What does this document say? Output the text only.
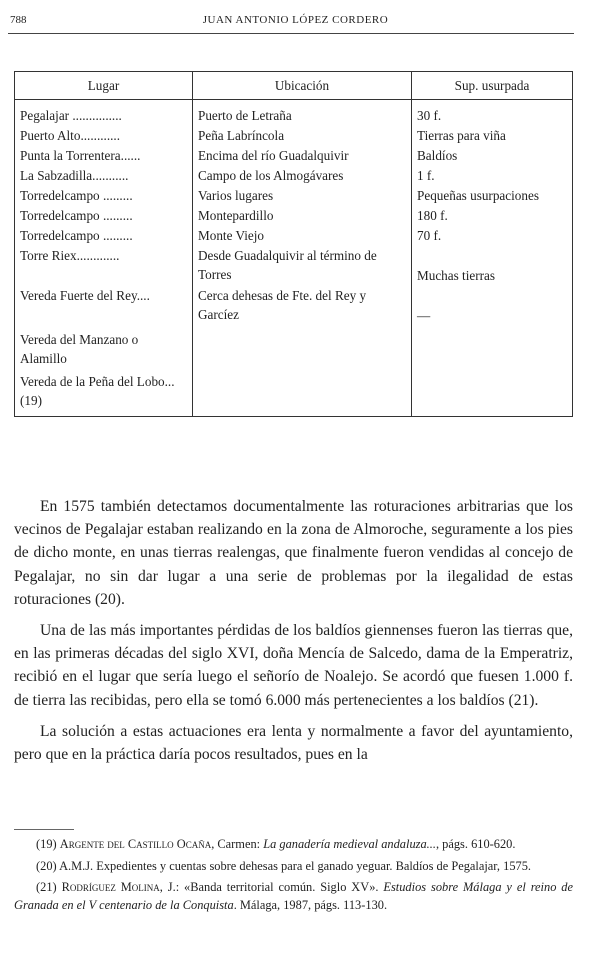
788	JUAN ANTONIO LÓPEZ CORDERO
Lugar	Ubicación	Sup. usurpada
Pegalajar ...............	Puerto de Letraña	30 f.
Puerto Alto............	Peña Labríncola	Tierras para viña
Punta la Torrentera......	Encima del río Guadalquivir	Baldíos
La Sabzadilla...........	Campo de los Almogávares	1 f.
Torredelcampo .........	Varios lugares	Pequeñas usurpaciones
Torredelcampo .........	Montepardillo	180 f.
Torredelcampo .........	Monte Viejo	70 f.
Torre Riex.............	Desde Guadalquivir al término de Torres	Muchas tierras
Vereda Fuerte del Rey....	Cerca dehesas de Fte. del Rey y Garcíez	—
Vereda del Manzano o Alamillo		
Vereda de la Peña del Lobo... (19)		

En 1575 también detectamos documentalmente las roturaciones arbitrarias que los vecinos de Pegalajar estaban realizando en la zona de Almoroche, seguramente a los pies de dicho monte, en unas tierras realengas, que finalmente fueron vendidas al concejo de Pegalajar, no sin dar lugar a una serie de problemas por la ilegalidad de estas roturaciones (20).

Una de las más importantes pérdidas de los baldíos giennenses fueron las tierras que, en las primeras décadas del siglo XVI, doña Mencía de Salcedo, dama de la Emperatriz, recibió en el lugar que sería luego el señorío de Noalejo. Se acordó que fuesen 1.000 f. de tierra las recibidas, pero ella se tomó 6.000 más pertenecientes a los baldíos (21).

La solución a estas actuaciones era lenta y normalmente a favor del ayuntamiento, pero que en la práctica daría pocos resultados, pues en la

(19) Argente del Castillo Ocaña, Carmen: La ganadería medieval andaluza..., págs. 610-620.

(20) A.M.J. Expedientes y cuentas sobre dehesas para el ganado yeguar. Baldíos de Pegalajar, 1575.

(21) Rodríguez Molina, J.: «Banda territorial común. Siglo XV». Estudios sobre Málaga y el reino de Granada en el V centenario de la Conquista. Málaga, 1987, págs. 113-130.
